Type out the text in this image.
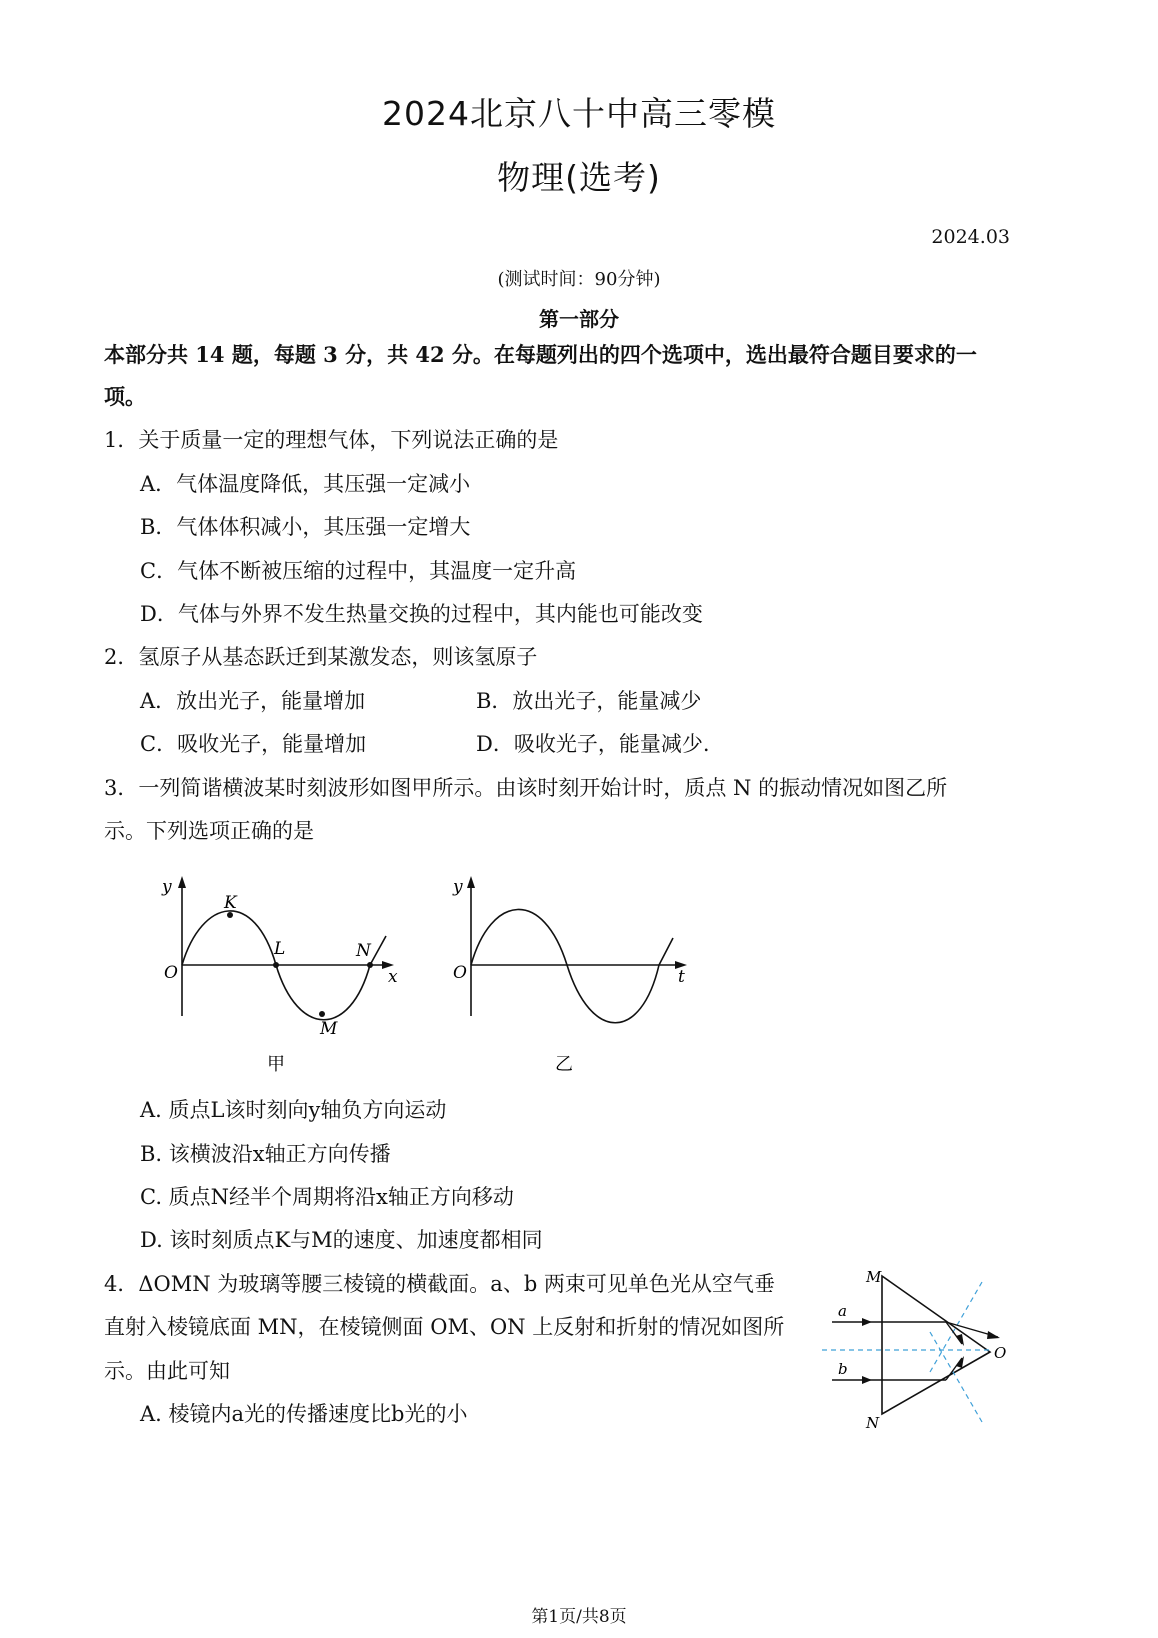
2024北京八十中高三零模

物理(选考)

2024.03

(测试时间：90分钟)

第一部分

本部分共 14 题，每题 3 分，共 42 分。在每题列出的四个选项中，选出最符合题目要求的一

项。

1．关于质量一定的理想气体，下列说法正确的是

A．气体温度降低，其压强一定减小

B．气体体积减小，其压强一定增大

C．气体不断被压缩的过程中，其温度一定升高

D．气体与外界不发生热量交换的过程中，其内能也可能改变

2．氢原子从基态跃迁到某激发态，则该氢原子

A．放出光子，能量增加	B．放出光子，能量减少

C．吸收光子，能量增加	D．吸收光子，能量减少.

3．一列简谐横波某时刻波形如图甲所示。由该时刻开始计时，质点 N 的振动情况如图乙所

示。下列选项正确的是

y
O	x
K
L
M
N
甲
y
O	t
乙

A. 质点L该时刻向y轴负方向运动

B. 该横波沿x轴正方向传播

C. 质点N经半个周期将沿x轴正方向移动

D. 该时刻质点K与M的速度、加速度都相同

4．ΔOMN 为玻璃等腰三棱镜的横截面。a、b 两束可见单色光从空气垂

直射入棱镜底面 MN，在棱镜侧面 OM、ON 上反射和折射的情况如图所

示。由此可知

A. 棱镜内a光的传播速度比b光的小

M
N
O
a
b

第1页/共8页
